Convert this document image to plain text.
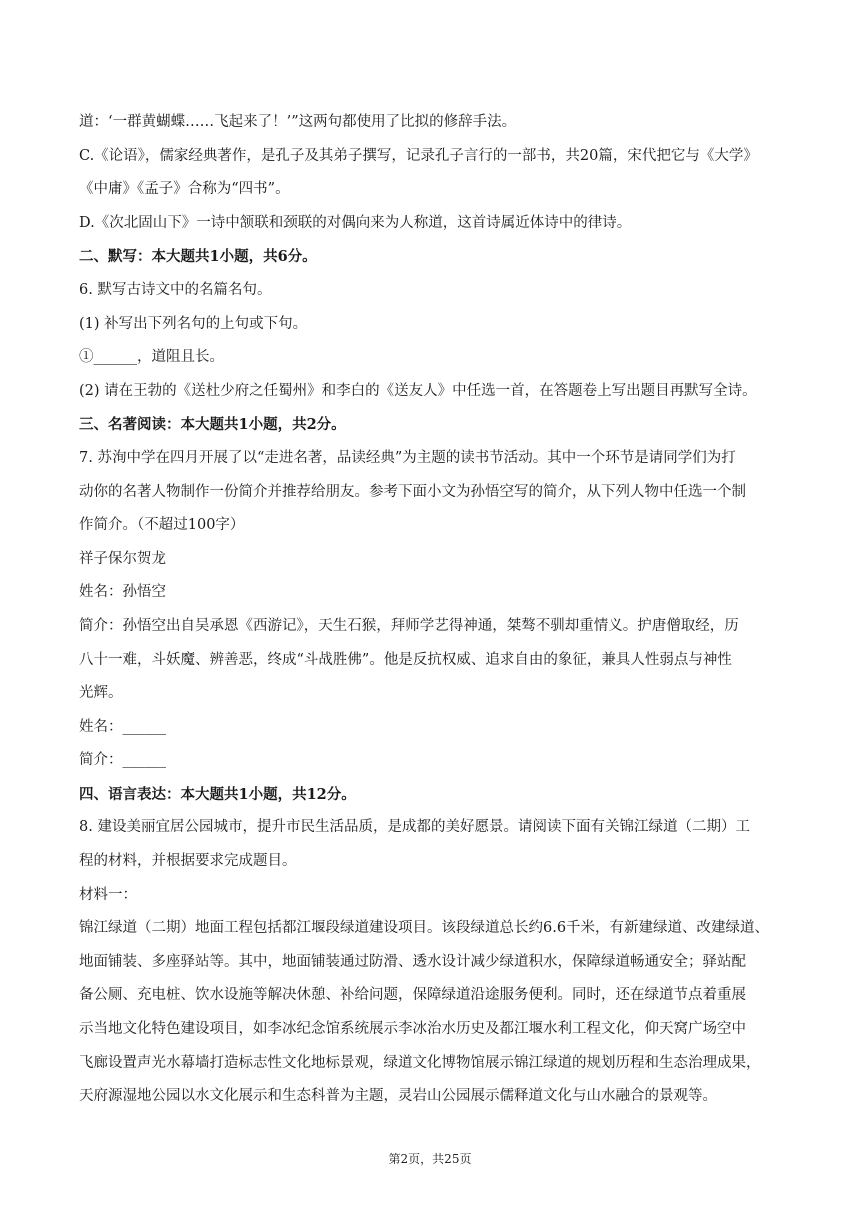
道：‘一群黄蝴蝶……飞起来了！’”这两句都使用了比拟的修辞手法。
C.《论语》，儒家经典著作，是孔子及其弟子撰写，记录孔子言行的一部书，共20篇，宋代把它与《大学》
《中庸》《孟子》合称为“四书”。
D.《次北固山下》一诗中颔联和颈联的对偶向来为人称道，这首诗属近体诗中的律诗。
二、默写：本大题共1小题，共6分。
6. 默写古诗文中的名篇名句。
(1) 补写出下列名句的上句或下句。
①______，道阻且长。
(2) 请在王勃的《送杜少府之任蜀州》和李白的《送友人》中任选一首，在答题卷上写出题目再默写全诗。
三、名著阅读：本大题共1小题，共2分。
7. 苏洵中学在四月开展了以“走进名著，品读经典”为主题的读书节活动。其中一个环节是请同学们为打
动你的名著人物制作一份简介并推荐给朋友。参考下面小文为孙悟空写的简介，从下列人物中任选一个制
作简介。（不超过100字）
祥子保尔贺龙
姓名：孙悟空
简介：孙悟空出自吴承恩《西游记》，天生石猴，拜师学艺得神通，桀骜不驯却重情义。护唐僧取经，历
八十一难，斗妖魔、辨善恶，终成“斗战胜佛”。他是反抗权威、追求自由的象征，兼具人性弱点与神性
光辉。
姓名：______
简介：______
四、语言表达：本大题共1小题，共12分。
8. 建设美丽宜居公园城市，提升市民生活品质，是成都的美好愿景。请阅读下面有关锦江绿道（二期）工
程的材料，并根据要求完成题目。
材料一：
锦江绿道（二期）地面工程包括都江堰段绿道建设项目。该段绿道总长约6.6千米，有新建绿道、改建绿道、
地面铺装、多座驿站等。其中，地面铺装通过防滑、透水设计减少绿道积水，保障绿道畅通安全；驿站配
备公厕、充电桩、饮水设施等解决休憩、补给问题，保障绿道沿途服务便利。同时，还在绿道节点着重展
示当地文化特色建设项目，如李冰纪念馆系统展示李冰治水历史及都江堰水利工程文化，仰天窝广场空中
飞廊设置声光水幕墙打造标志性文化地标景观，绿道文化博物馆展示锦江绿道的规划历程和生态治理成果，
天府源湿地公园以水文化展示和生态科普为主题，灵岩山公园展示儒释道文化与山水融合的景观等。
第2页，共25页
